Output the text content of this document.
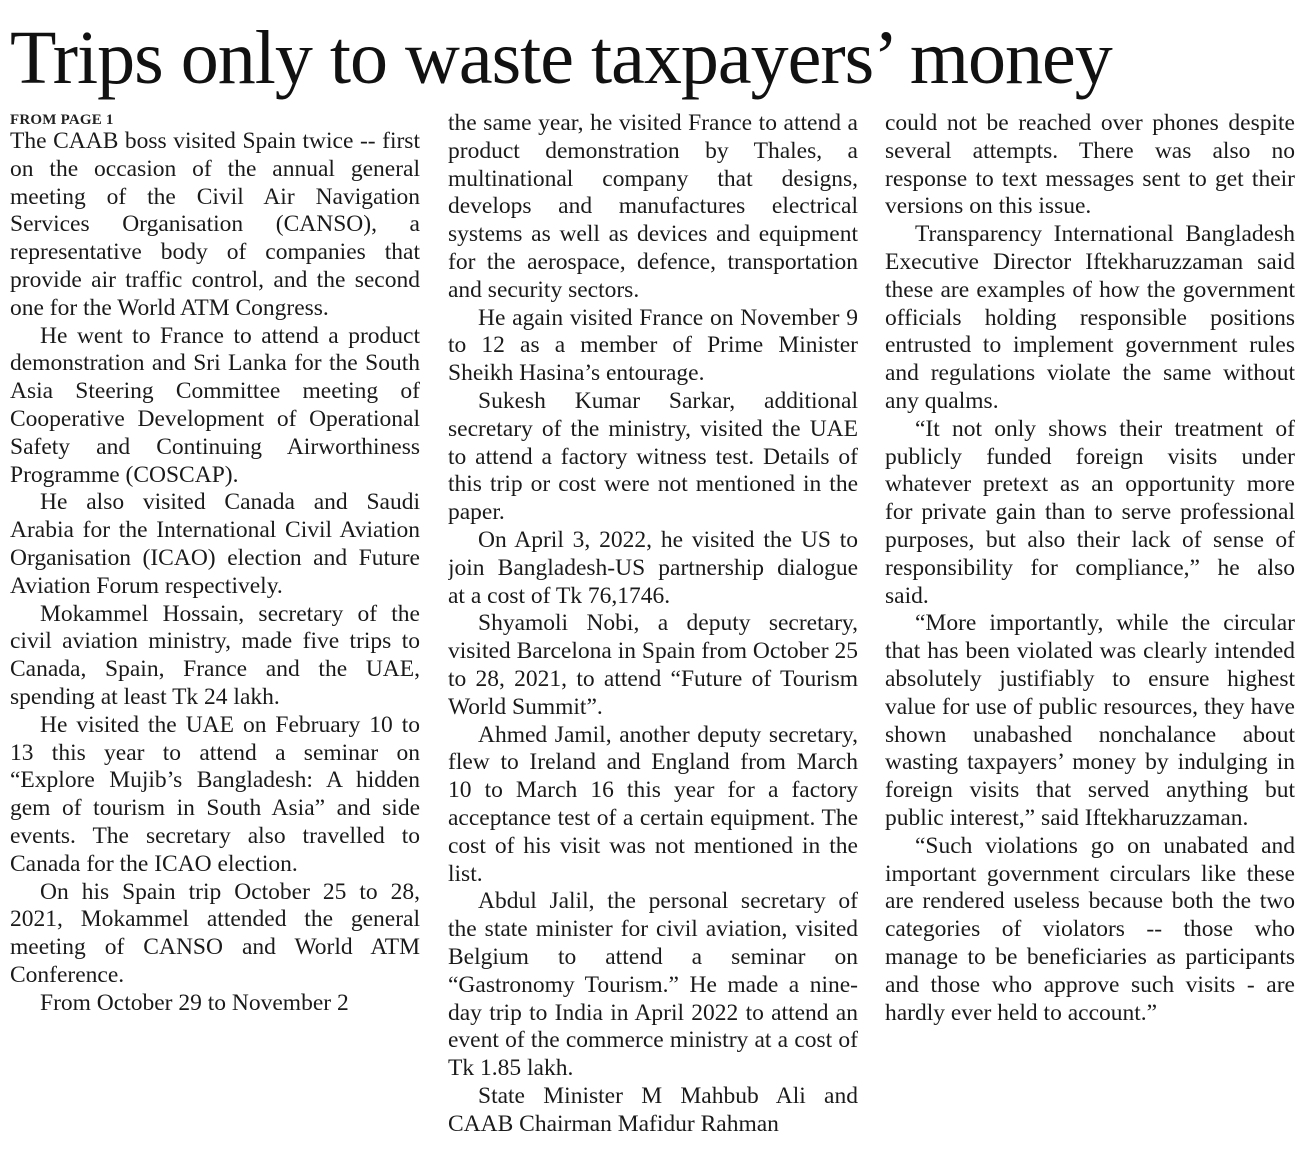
Trips only to waste taxpayers’ money
FROM PAGE 1

The CAAB boss visited Spain twice -- first on the occasion of the annual general meeting of the Civil Air Navigation Services Organisation (CANSO), a representative body of companies that provide air traffic control, and the second one for the World ATM Congress.

He went to France to attend a product demonstration and Sri Lanka for the South Asia Steering Committee meeting of Cooperative Development of Operational Safety and Continuing Airworthiness Programme (COSCAP).

He also visited Canada and Saudi Arabia for the International Civil Aviation Organisation (ICAO) election and Future Aviation Forum respectively.

Mokammel Hossain, secretary of the civil aviation ministry, made five trips to Canada, Spain, France and the UAE, spending at least Tk 24 lakh.

He visited the UAE on February 10 to 13 this year to attend a seminar on “Explore Mujib’s Bangladesh: A hidden gem of tourism in South Asia” and side events. The secretary also travelled to Canada for the ICAO election.

On his Spain trip October 25 to 28, 2021, Mokammel attended the general meeting of CANSO and World ATM Conference.

From October 29 to November 2

the same year, he visited France to attend a product demonstration by Thales, a multinational company that designs, develops and manufactures electrical systems as well as devices and equipment for the aerospace, defence, transportation and security sectors.

He again visited France on November 9 to 12 as a member of Prime Minister Sheikh Hasina’s entourage.

Sukesh Kumar Sarkar, additional secretary of the ministry, visited the UAE to attend a factory witness test. Details of this trip or cost were not mentioned in the paper.

On April 3, 2022, he visited the US to join Bangladesh-US partnership dialogue at a cost of Tk 76,1746.

Shyamoli Nobi, a deputy secretary, visited Barcelona in Spain from October 25 to 28, 2021, to attend “Future of Tourism World Summit”.

Ahmed Jamil, another deputy secretary, flew to Ireland and England from March 10 to March 16 this year for a factory acceptance test of a certain equipment. The cost of his visit was not mentioned in the list.

Abdul Jalil, the personal secretary of the state minister for civil aviation, visited Belgium to attend a seminar on “Gastronomy Tourism.” He made a nine-day trip to India in April 2022 to attend an event of the commerce ministry at a cost of Tk 1.85 lakh.

State Minister M Mahbub Ali and CAAB Chairman Mafidur Rahman

could not be reached over phones despite several attempts. There was also no response to text messages sent to get their versions on this issue.

Transparency International Bangladesh Executive Director Iftekharuzzaman said these are examples of how the government officials holding responsible positions entrusted to implement government rules and regulations violate the same without any qualms.

“It not only shows their treatment of publicly funded foreign visits under whatever pretext as an opportunity more for private gain than to serve professional purposes, but also their lack of sense of responsibility for compliance,” he also said.

“More importantly, while the circular that has been violated was clearly intended absolutely justifiably to ensure highest value for use of public resources, they have shown unabashed nonchalance about wasting taxpayers’ money by indulging in foreign visits that served anything but public interest,” said Iftekharuzzaman.

“Such violations go on unabated and important government circulars like these are rendered useless because both the two categories of violators -- those who manage to be beneficiaries as participants and those who approve such visits - are hardly ever held to account.”
